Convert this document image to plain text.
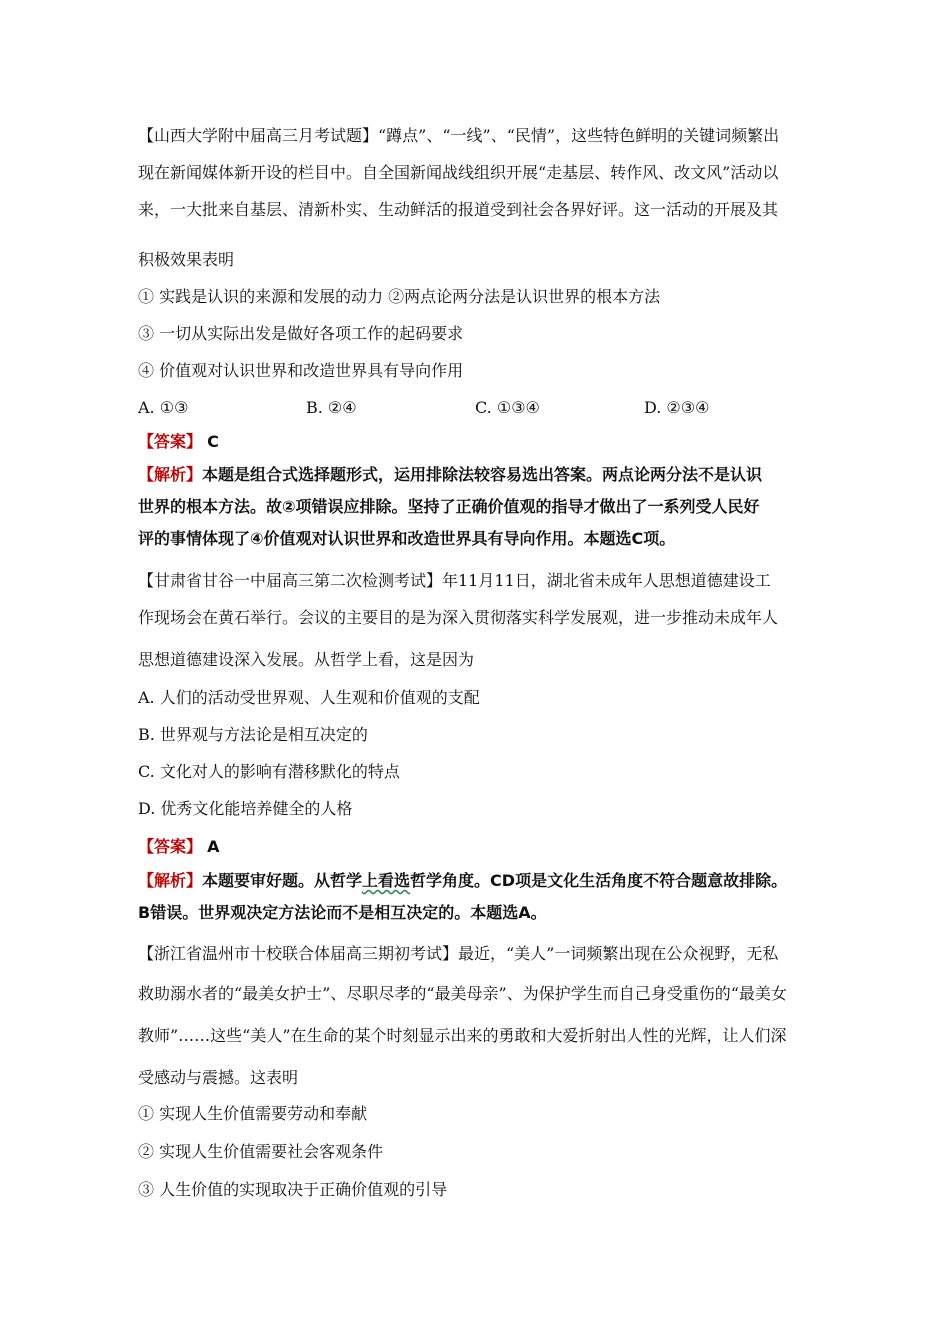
【山西大学附中届高三月考试题】“蹲点”、“一线”、“民情”，这些特色鲜明的关键词频繁出
现在新闻媒体新开设的栏目中。自全国新闻战线组织开展“走基层、转作风、改文风”活动以
来，一大批来自基层、清新朴实、生动鲜活的报道受到社会各界好评。这一活动的开展及其
积极效果表明
① 实践是认识的来源和发展的动力 ②两点论两分法是认识世界的根本方法
③ 一切从实际出发是做好各项工作的起码要求
④ 价值观对认识世界和改造世界具有导向作用
A. ①③	B. ②④	C. ①③④	D. ②③④
【答案】 C
【解析】本题是组合式选择题形式，运用排除法较容易选出答案。两点论两分法不是认识
世界的根本方法。故②项错误应排除。坚持了正确价值观的指导才做出了一系列受人民好
评的事情体现了④价值观对认识世界和改造世界具有导向作用。本题选C项。
【甘肃省甘谷一中届高三第二次检测考试】年11月11日，湖北省未成年人思想道德建设工
作现场会在黄石举行。会议的主要目的是为深入贯彻落实科学发展观，进一步推动未成年人
思想道德建设深入发展。从哲学上看，这是因为
A. 人们的活动受世界观、人生观和价值观的支配
B. 世界观与方法论是相互决定的
C. 文化对人的影响有潜移默化的特点
D. 优秀文化能培养健全的人格
【答案】 A
【解析】本题要审好题。从哲学上看选哲学角度。CD项是文化生活角度不符合题意故排除。
B错误。世界观决定方法论而不是相互决定的。本题选A。
【浙江省温州市十校联合体届高三期初考试】最近，“美人”一词频繁出现在公众视野，无私
救助溺水者的“最美女护士”、尽职尽孝的“最美母亲”、为保护学生而自己身受重伤的“最美女
教师”……这些“美人”在生命的某个时刻显示出来的勇敢和大爱折射出人性的光辉，让人们深
受感动与震撼。这表明
① 实现人生价值需要劳动和奉献
② 实现人生价值需要社会客观条件
③ 人生价值的实现取决于正确价值观的引导
